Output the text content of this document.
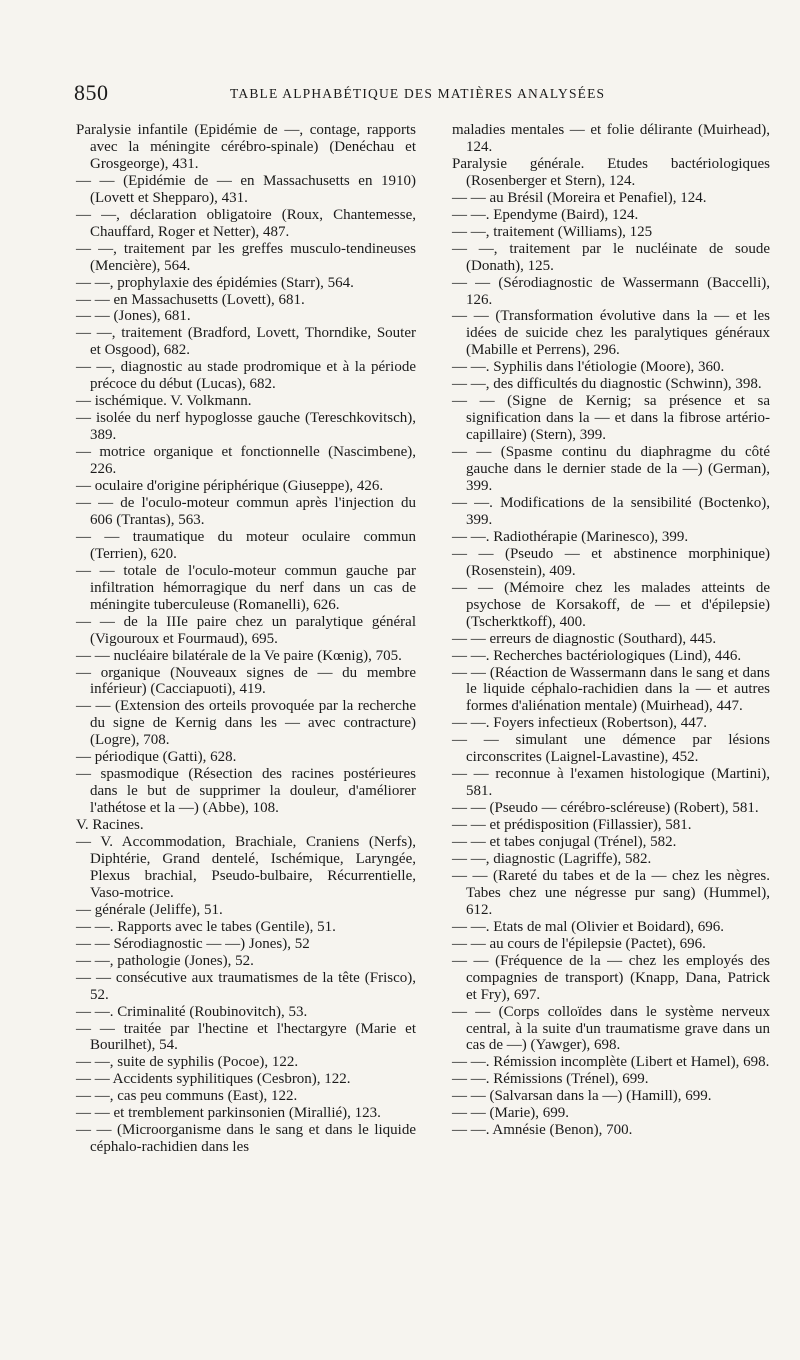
850	TABLE ALPHABÉTIQUE DES MATIÈRES ANALYSÉES

Paralysie infantile (Epidémie de —, contage, rapports avec la méningite cérébro-spinale) (Denéchau et Grosgeorge), 431.

— — (Epidémie de — en Massachusetts en 1910) (Lovett et Shepparo), 431.

— —, déclaration obligatoire (Roux, Chantemesse, Chauffard, Roger et Netter), 487.

— —, traitement par les greffes musculo-tendineuses (Mencière), 564.

— —, prophylaxie des épidémies (Starr), 564.

— — en Massachusetts (Lovett), 681.

— — (Jones), 681.

— —, traitement (Bradford, Lovett, Thorndike, Souter et Osgood), 682.

— —, diagnostic au stade prodromique et à la période précoce du début (Lucas), 682.

— ischémique. V. Volkmann.

— isolée du nerf hypoglosse gauche (Tereschkovitsch), 389.

— motrice organique et fonctionnelle (Nascimbene), 226.

— oculaire d'origine périphérique (Giuseppe), 426.

— — de l'oculo-moteur commun après l'injection du 606 (Trantas), 563.

— — traumatique du moteur oculaire commun (Terrien), 620.

— — totale de l'oculo-moteur commun gauche par infiltration hémorragique du nerf dans un cas de méningite tuberculeuse (Romanelli), 626.

— — de la IIIe paire chez un paralytique général (Vigouroux et Fourmaud), 695.

— — nucléaire bilatérale de la Ve paire (Kœnig), 705.

— organique (Nouveaux signes de — du membre inférieur) (Cacciapuoti), 419.

— — (Extension des orteils provoquée par la recherche du signe de Kernig dans les — avec contracture) (Logre), 708.

— périodique (Gatti), 628.

— spasmodique (Résection des racines postérieures dans le but de supprimer la douleur, d'améliorer l'athétose et la —) (Abbe), 108.

V. Racines.

— V. Accommodation, Brachiale, Craniens (Nerfs), Diphtérie, Grand dentelé, Ischémique, Laryngée, Plexus brachial, Pseudo-bulbaire, Récurrentielle, Vaso-motrice.

— générale (Jeliffe), 51.

— —. Rapports avec le tabes (Gentile), 51.

— — Sérodiagnostic — —) Jones), 52

— —, pathologie (Jones), 52.

— — consécutive aux traumatismes de la tête (Frisco), 52.

— —. Criminalité (Roubinovitch), 53.

— — traitée par l'hectine et l'hectargyre (Marie et Bourilhet), 54.

— —, suite de syphilis (Pocoe), 122.

— — Accidents syphilitiques (Cesbron), 122.

— —, cas peu communs (East), 122.

— — et tremblement parkinsonien (Mirallié), 123.

— — (Microorganisme dans le sang et dans le liquide céphalo-rachidien dans les

maladies mentales — et folie délirante (Muirhead), 124.

Paralysie générale. Etudes bactériologiques (Rosenberger et Stern), 124.

— — au Brésil (Moreira et Penafiel), 124.

— —. Ependyme (Baird), 124.

— —, traitement (Williams), 125

— —, traitement par le nucléinate de soude (Donath), 125.

— — (Sérodiagnostic de Wassermann (Baccelli), 126.

— — (Transformation évolutive dans la — et les idées de suicide chez les paralytiques généraux (Mabille et Perrens), 296.

— —. Syphilis dans l'étiologie (Moore), 360.

— —, des difficultés du diagnostic (Schwinn), 398.

— — (Signe de Kernig; sa présence et sa signification dans la — et dans la fibrose artério-capillaire) (Stern), 399.

— — (Spasme continu du diaphragme du côté gauche dans le dernier stade de la —) (German), 399.

— —. Modifications de la sensibilité (Boctenko), 399.

— —. Radiothérapie (Marinesco), 399.

— — (Pseudo — et abstinence morphinique) (Rosenstein), 409.

— — (Mémoire chez les malades atteints de psychose de Korsakoff, de — et d'épilepsie) (Tscherktkoff), 400.

— — erreurs de diagnostic (Southard), 445.

— —. Recherches bactériologiques (Lind), 446.

— — (Réaction de Wassermann dans le sang et dans le liquide céphalo-rachidien dans la — et autres formes d'aliénation mentale) (Muirhead), 447.

— —. Foyers infectieux (Robertson), 447.

— — simulant une démence par lésions circonscrites (Laignel-Lavastine), 452.

— — reconnue à l'examen histologique (Martini), 581.

— — (Pseudo — cérébro-scléreuse) (Robert), 581.

— — et prédisposition (Fillassier), 581.

— — et tabes conjugal (Trénel), 582.

— —, diagnostic (Lagriffe), 582.

— — (Rareté du tabes et de la — chez les nègres. Tabes chez une négresse pur sang) (Hummel), 612.

— —. Etats de mal (Olivier et Boidard), 696.

— — au cours de l'épilepsie (Pactet), 696.

— — (Fréquence de la — chez les employés des compagnies de transport) (Knapp, Dana, Patrick et Fry), 697.

— — (Corps colloïdes dans le système nerveux central, à la suite d'un traumatisme grave dans un cas de —) (Yawger), 698.

— —. Rémission incomplète (Libert et Hamel), 698.

— —. Rémissions (Trénel), 699.

— — (Salvarsan dans la —) (Hamill), 699.

— — (Marie), 699.

— —. Amnésie (Benon), 700.
